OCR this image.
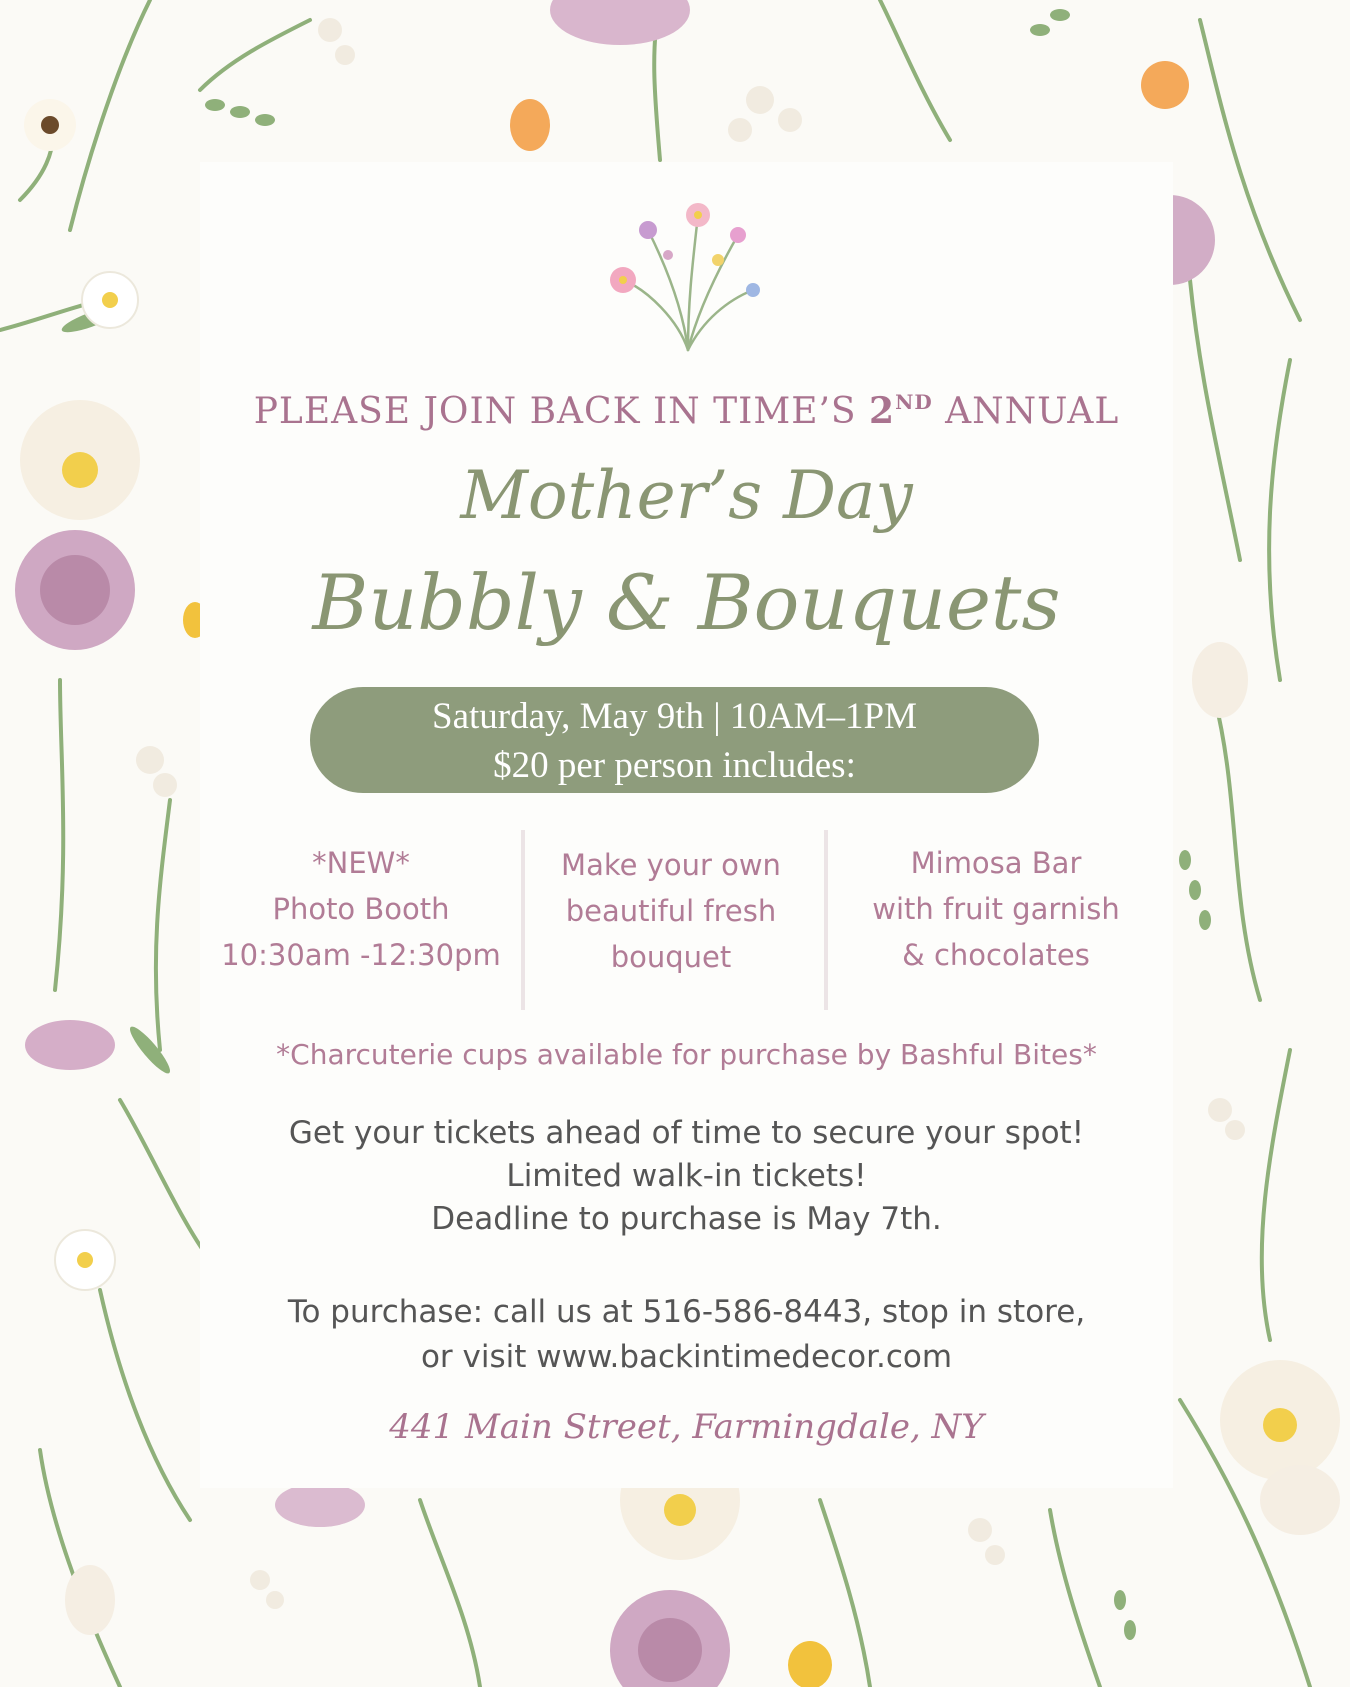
PLEASE JOIN BACK IN TIME’S 2ND ANNUAL
Mother’s Day
Bubbly & Bouquets
Saturday, May 9th | 10AM–1PM
$20 per person includes:
*NEW*
Photo Booth
10:30am -12:30pm
Make your own
beautiful fresh
bouquet
Mimosa Bar
with fruit garnish
& chocolates
*Charcuterie cups available for purchase by Bashful Bites*
Get your tickets ahead of time to secure your spot!
Limited walk-in tickets!
Deadline to purchase is May 7th.
To purchase: call us at 516-586-8443, stop in store,
or visit www.backintimedecor.com
441 Main Street, Farmingdale, NY
